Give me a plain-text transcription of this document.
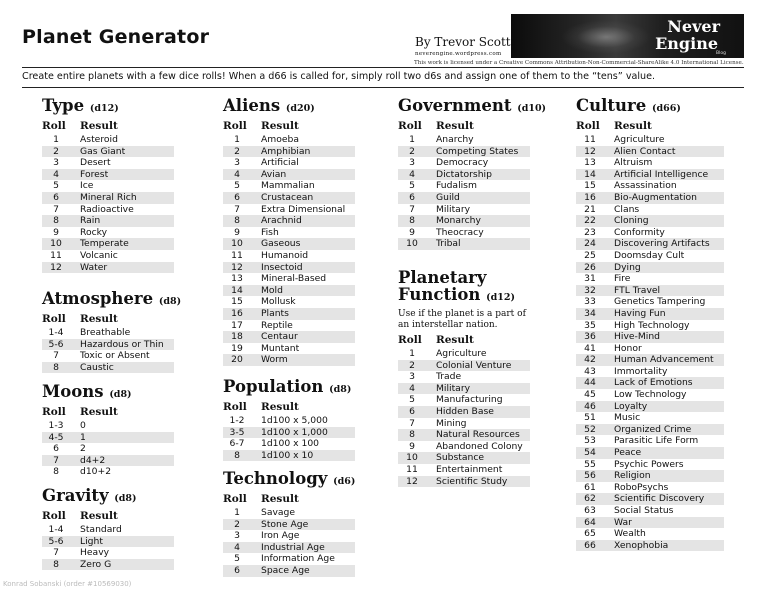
Planet Generator	By Trevor Scott
neverengine.wordpress.com
Never
Engine
Blog
This work is licensed under a Creative Commons Attribution-Non-Commercial-ShareAlike 4.0 International License.
Create entire planets with a few dice rolls! When a d66 is called for, simply roll two d6s and assign one of them to the “tens” value.
Type (d12)
Roll	Result
1	Asteroid
2	Gas Giant
3	Desert
4	Forest
5	Ice
6	Mineral Rich
7	Radioactive
8	Rain
9	Rocky
10	Temperate
11	Volcanic
12	Water
Atmosphere (d8)
Roll	Result
1-4	Breathable
5-6	Hazardous or Thin
7	Toxic or Absent
8	Caustic
Moons (d8)
Roll	Result
1-3	0
4-5	1
6	2
7	d4+2
8	d10+2
Gravity (d8)
Roll	Result
1-4	Standard
5-6	Light
7	Heavy
8	Zero G
Aliens (d20)
Roll	Result
1	Amoeba
2	Amphibian
3	Artificial
4	Avian
5	Mammalian
6	Crustacean
7	Extra Dimensional
8	Arachnid
9	Fish
10	Gaseous
11	Humanoid
12	Insectoid
13	Mineral-Based
14	Mold
15	Mollusk
16	Plants
17	Reptile
18	Centaur
19	Muntant
20	Worm
Population (d8)
Roll	Result
1-2	1d100 x 5,000
3-5	1d100 x 1,000
6-7	1d100 x 100
8	1d100 x 10
Technology (d6)
Roll	Result
1	Savage
2	Stone Age
3	Iron Age
4	Industrial Age
5	Information Age
6	Space Age
Government (d10)
Roll	Result
1	Anarchy
2	Competing States
3	Democracy
4	Dictatorship
5	Fudalism
6	Guild
7	Military
8	Monarchy
9	Theocracy
10	Tribal
Planetary
Function (d12)
Use if the planet is a part of an interstellar nation.
Roll	Result
1	Agriculture
2	Colonial Venture
3	Trade
4	Military
5	Manufacturing
6	Hidden Base
7	Mining
8	Natural Resources
9	Abandoned Colony
10	Substance
11	Entertainment
12	Scientific Study
Culture (d66)
Roll	Result
11	Agriculture
12	Alien Contact
13	Altruism
14	Artificial Intelligence
15	Assassination
16	Bio-Augmentation
21	Clans
22	Cloning
23	Conformity
24	Discovering Artifacts
25	Doomsday Cult
26	Dying
31	Fire
32	FTL Travel
33	Genetics Tampering
34	Having Fun
35	High Technology
36	Hive-Mind
41	Honor
42	Human Advancement
43	Immortality
44	Lack of Emotions
45	Low Technology
46	Loyalty
51	Music
52	Organized Crime
53	Parasitic Life Form
54	Peace
55	Psychic Powers
56	Religion
61	RoboPsychs
62	Scientific Discovery
63	Social Status
64	War
65	Wealth
66	Xenophobia
Konrad Sobanski (order #10569030)
